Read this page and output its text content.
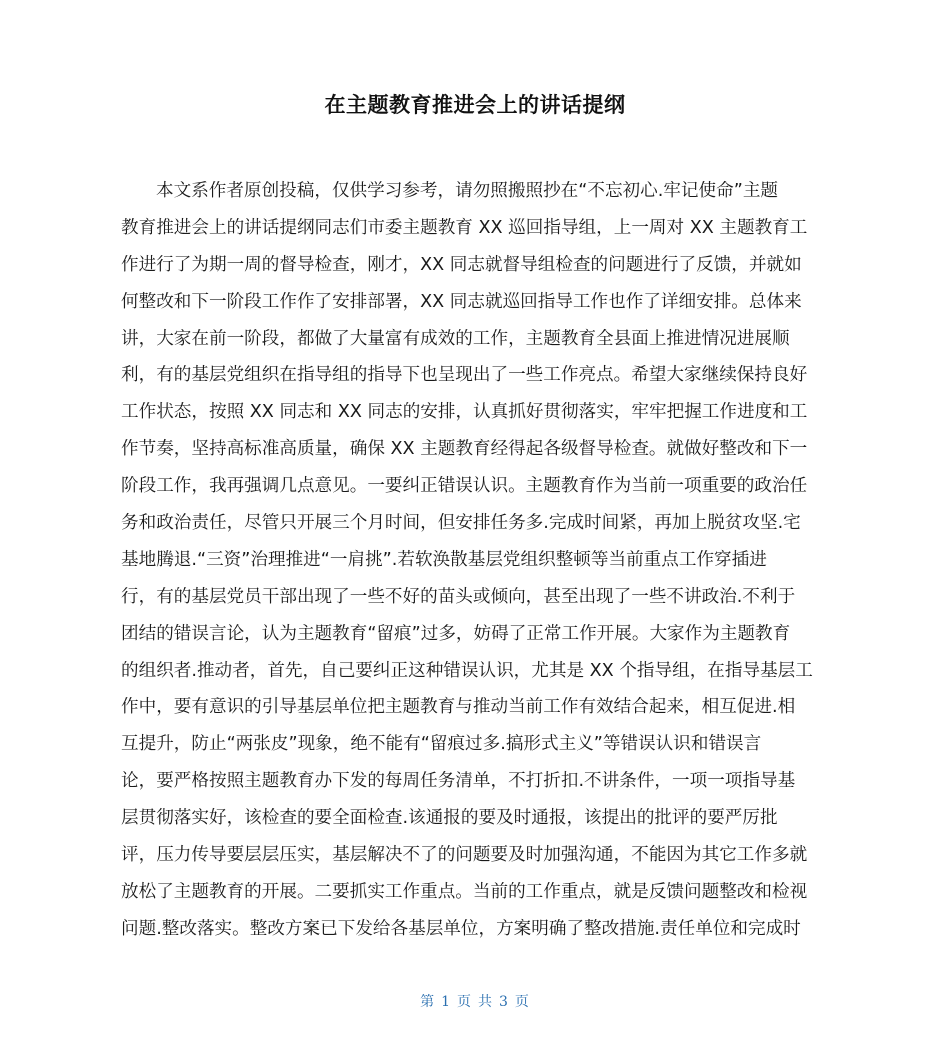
在主题教育推进会上的讲话提纲
本文系作者原创投稿，仅供学习参考，请勿照搬照抄在“不忘初心.牢记使命”主题
教育推进会上的讲话提纲同志们市委主题教育 XX 巡回指导组，上一周对 XX 主题教育工
作进行了为期一周的督导检查，刚才，XX 同志就督导组检查的问题进行了反馈，并就如
何整改和下一阶段工作作了安排部署，XX 同志就巡回指导工作也作了详细安排。总体来
讲，大家在前一阶段，都做了大量富有成效的工作，主题教育全县面上推进情况进展顺
利，有的基层党组织在指导组的指导下也呈现出了一些工作亮点。希望大家继续保持良好
工作状态，按照 XX 同志和 XX 同志的安排，认真抓好贯彻落实，牢牢把握工作进度和工
作节奏，坚持高标准高质量，确保 XX 主题教育经得起各级督导检查。就做好整改和下一
阶段工作，我再强调几点意见。一要纠正错误认识。主题教育作为当前一项重要的政治任
务和政治责任，尽管只开展三个月时间，但安排任务多.完成时间紧，再加上脱贫攻坚.宅
基地腾退.“三资”治理推进“一肩挑”.若软涣散基层党组织整顿等当前重点工作穿插进
行，有的基层党员干部出现了一些不好的苗头或倾向，甚至出现了一些不讲政治.不利于
团结的错误言论，认为主题教育“留痕”过多，妨碍了正常工作开展。大家作为主题教育
的组织者.推动者，首先，自己要纠正这种错误认识，尤其是 XX 个指导组，在指导基层工
作中，要有意识的引导基层单位把主题教育与推动当前工作有效结合起来，相互促进.相
互提升，防止“两张皮”现象，绝不能有“留痕过多.搞形式主义”等错误认识和错误言
论，要严格按照主题教育办下发的每周任务清单，不打折扣.不讲条件，一项一项指导基
层贯彻落实好，该检查的要全面检查.该通报的要及时通报，该提出的批评的要严厉批
评，压力传导要层层压实，基层解决不了的问题要及时加强沟通，不能因为其它工作多就
放松了主题教育的开展。二要抓实工作重点。当前的工作重点，就是反馈问题整改和检视
问题.整改落实。整改方案已下发给各基层单位，方案明确了整改措施.责任单位和完成时
第 1 页 共 3 页
